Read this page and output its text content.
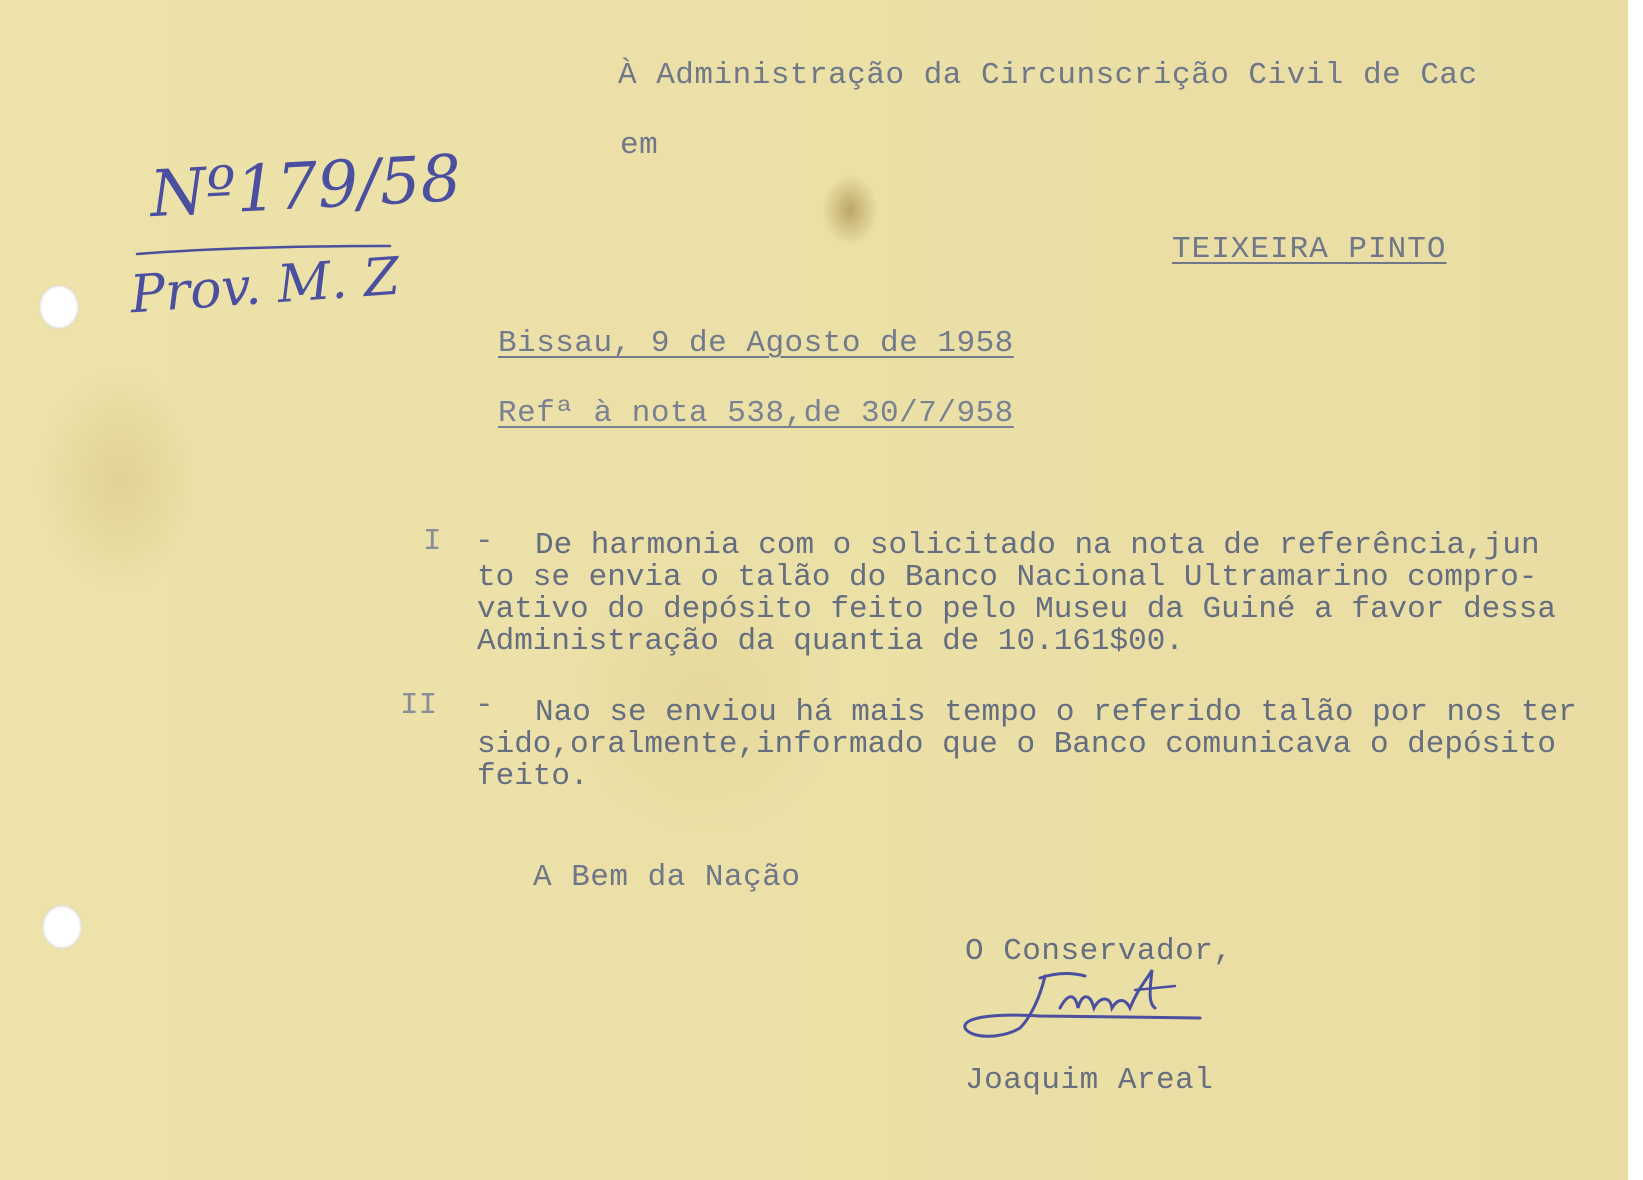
À Administração da Circunscrição Civil de Cac
em
TEIXEIRA PINTO
Bissau, 9 de Agosto de 1958
Refª à nota 538,de 30/7/958
I - De harmonia com o solicitado na nota de referência,jun
to se envia o talão do Banco Nacional Ultramarino compro-
vativo do depósito feito pelo Museu da Guiné a favor dessa
Administração da quantia de 10.161$00.
II - Nao se enviou há mais tempo o referido talão por nos ter
sido,oralmente,informado que o Banco comunicava o depósito
feito.
A Bem da Nação
O Conservador,
Joaquim Areal
Nº179/58
Prov. M. Z
